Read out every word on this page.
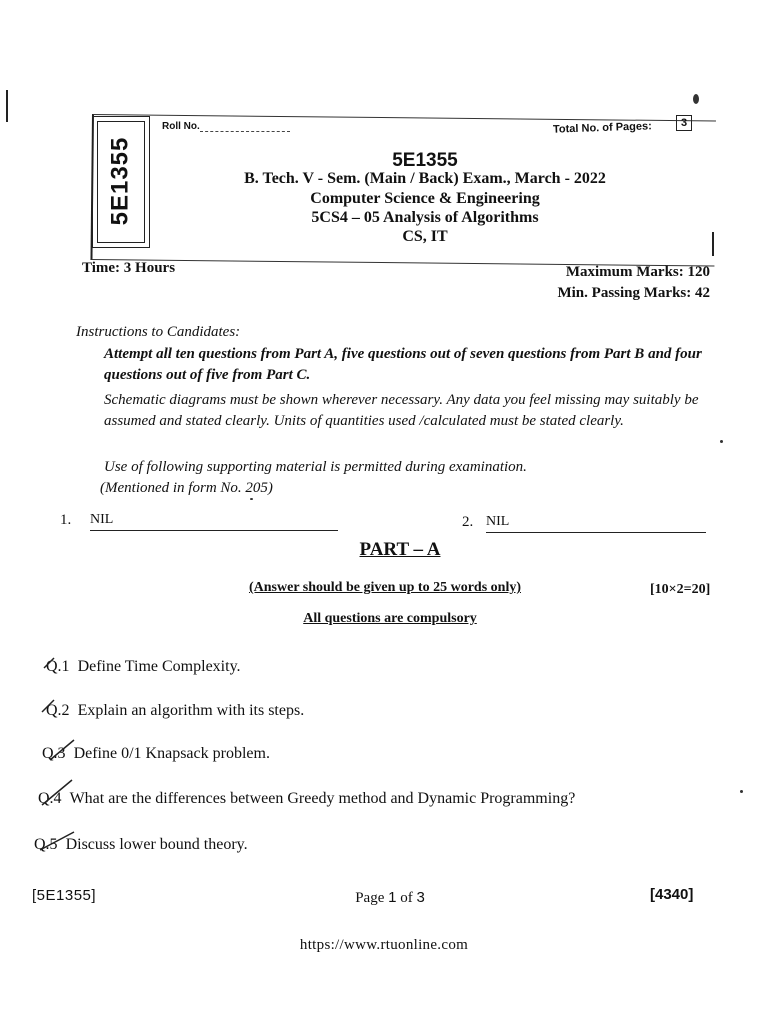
5E1355
Roll No.	Total No. of Pages:	3
5E1355
B. Tech. V - Sem. (Main / Back) Exam., March - 2022
Computer Science & Engineering
5CS4 – 05 Analysis of Algorithms
CS, IT
Time: 3 Hours	Maximum Marks: 120
Min. Passing Marks: 42
Instructions to Candidates:
Attempt all ten questions from Part A, five questions out of seven questions from Part B and four questions out of five from Part C.
Schematic diagrams must be shown wherever necessary. Any data you feel missing may suitably be assumed and stated clearly. Units of quantities used /calculated must be stated clearly.
Use of following supporting material is permitted during examination.
(Mentioned in form No. 205)
1. NIL	2. NIL
PART – A
(Answer should be given up to 25 words only)	[10×2=20]
All questions are compulsory
Q.1 Define Time Complexity.
Q.2 Explain an algorithm with its steps.
Q.3 Define 0/1 Knapsack problem.
Q.4 What are the differences between Greedy method and Dynamic Programming?
Q.5 Discuss lower bound theory.
[5E1355]	Page 1 of 3	[4340]
https://www.rtuonline.com
